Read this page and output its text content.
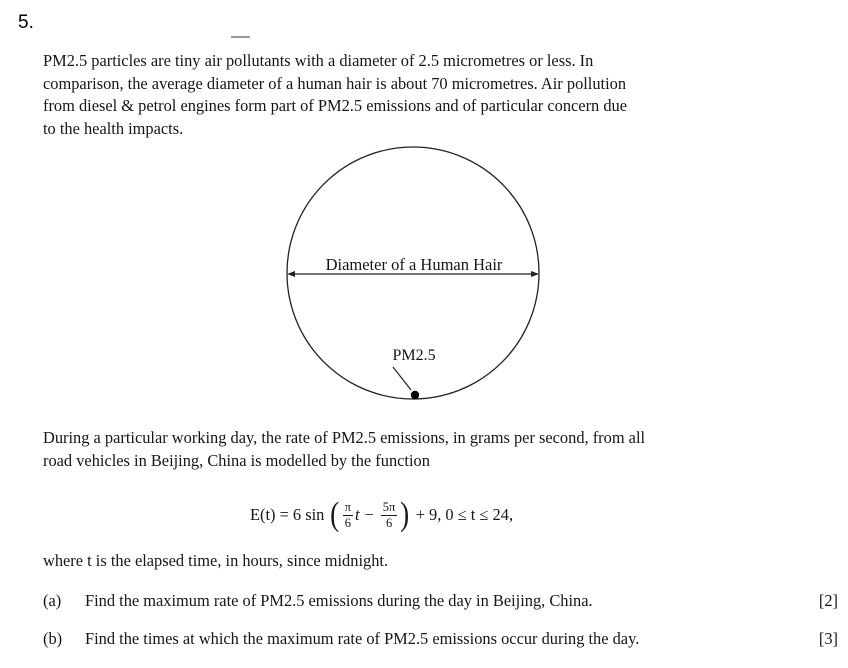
5.
PM2.5 particles are tiny air pollutants with a diameter of 2.5 micrometres or less. In
comparison, the average diameter of a human hair is about 70 micrometres. Air pollution
from diesel & petrol engines form part of PM2.5 emissions and of particular concern due
to the health impacts.
Diameter of a Human Hair
PM2.5
During a particular working day, the rate of PM2.5 emissions, in grams per second, from all
road vehicles in Beijing, China is modelled by the function
E(t) = 6 sin ( $\frac{\pi}{6}$ $t - \frac{5\pi}{6}$ ) + 9, 0 ≤ t ≤ 24,
where t is the elapsed time, in hours, since midnight.
(a) Find the maximum rate of PM2.5 emissions during the day in Beijing, China.	[2]
(b) Find the times at which the maximum rate of PM2.5 emissions occur during the day.	[3]
